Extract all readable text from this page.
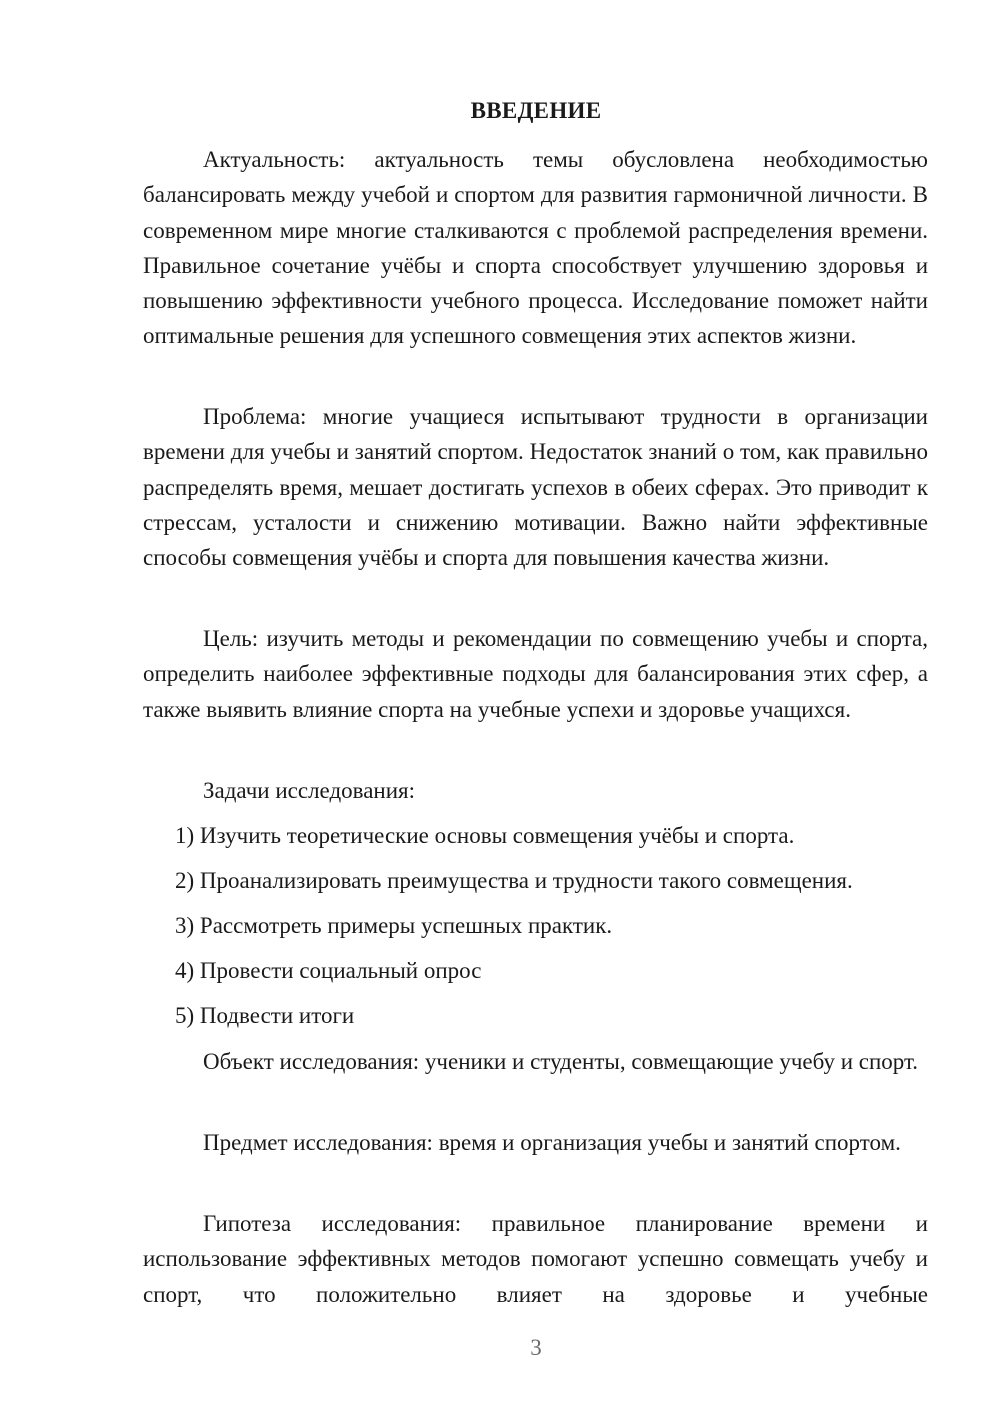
ВВЕДЕНИЕ

Актуальность: актуальность темы обусловлена необходимостью балансировать между учебой и спортом для развития гармоничной личности. В современном мире многие сталкиваются с проблемой распределения времени. Правильное сочетание учёбы и спорта способствует улучшению здоровья и повышению эффективности учебного процесса. Исследование поможет найти оптимальные решения для успешного совмещения этих аспектов жизни.

Проблема: многие учащиеся испытывают трудности в организации времени для учебы и занятий спортом. Недостаток знаний о том, как правильно распределять время, мешает достигать успехов в обеих сферах. Это приводит к стрессам, усталости и снижению мотивации. Важно найти эффективные способы совмещения учёбы и спорта для повышения качества жизни.

Цель: изучить методы и рекомендации по совмещению учебы и спорта, определить наиболее эффективные подходы для балансирования этих сфер, а также выявить влияние спорта на учебные успехи и здоровье учащихся.

Задачи исследования:

1) Изучить теоретические основы совмещения учёбы и спорта.

2) Проанализировать преимущества и трудности такого совмещения.

3) Рассмотреть примеры успешных практик.

4) Провести социальный опрос

5) Подвести итоги

Объект исследования: ученики и студенты, совмещающие учебу и спорт.

Предмет исследования: время и организация учебы и занятий спортом.

Гипотеза исследования: правильное планирование времени и использование эффективных методов помогают успешно совмещать учебу и спорт, что положительно влияет на здоровье и учебные

3
